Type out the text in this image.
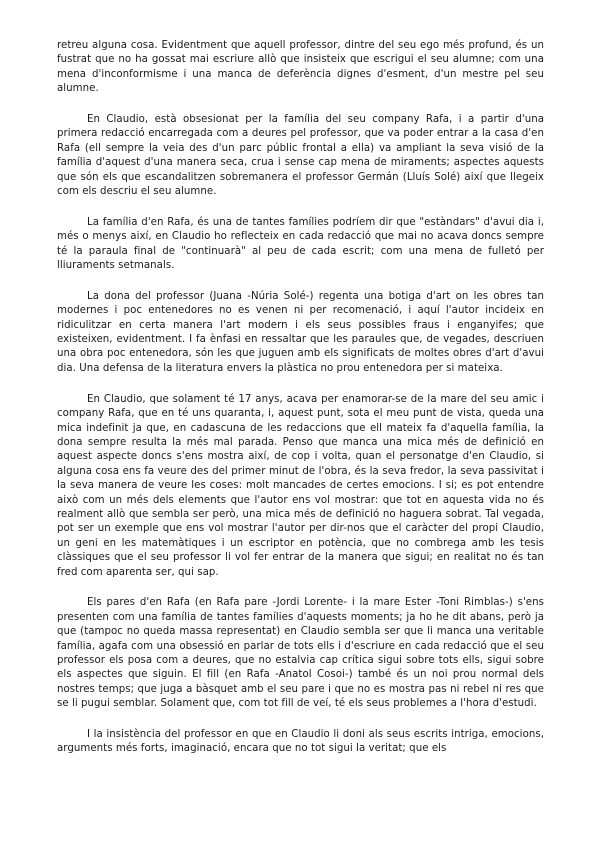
retreu alguna cosa. Evidentment que aquell professor, dintre del seu ego més profund, és un fustrat que no ha gossat mai escriure allò que insisteix que escrigui el seu alumne; com una mena d'inconformisme i una manca de deferència dignes d'esment, d'un mestre pel seu alumne.

En Claudio, està obsesionat per la família del seu company Rafa, i a partir d'una primera redacció encarregada com a deures pel professor, que va poder entrar a la casa d'en Rafa (ell sempre la veia des d'un parc públic frontal a ella) va ampliant la seva visió de la família d'aquest d'una manera seca, crua i sense cap mena de miraments; aspectes aquests que són els que escandalitzen sobremanera el professor Germán (Lluís Solé) així que llegeix com els descriu el seu alumne.

La família d'en Rafa, és una de tantes famílies podríem dir que "estàndars" d'avui dia i, més o menys així, en Claudio ho reflecteix en cada redacció que mai no acava doncs sempre té la paraula final de "continuarà" al peu de cada escrit; com una mena de fulletó per lliuraments setmanals.

La dona del professor (Juana -Núria Solé-) regenta una botiga d'art on les obres tan modernes i poc entenedores no es venen ni per recomenació, i aquí l'autor incideix en ridiculitzar en certa manera l'art modern i els seus possibles fraus i enganyifes; que existeixen, evidentment. I fa ènfasi en ressaltar que les paraules que, de vegades, descriuen una obra poc entenedora, són les que juguen amb els significats de moltes obres d'art d'avui dia. Una defensa de la literatura envers la plàstica no prou entenedora per si mateixa.

En Claudio, que solament té 17 anys, acava per enamorar-se de la mare del seu amic i company Rafa, que en té uns quaranta, i, aquest punt, sota el meu punt de vista, queda una mica indefinit ja que, en cadascuna de les redaccions que ell mateix fa d'aquella família, la dona sempre resulta la més mal parada. Penso que manca una mica més de definició en aquest aspecte doncs s'ens mostra així, de cop i volta, quan el personatge d'en Claudio, si alguna cosa ens fa veure des del primer minut de l'obra, és la seva fredor, la seva passivitat i la seva manera de veure les coses: molt mancades de certes emocions. I si; es pot entendre això com un més dels elements que l'autor ens vol mostrar: que tot en aquesta vida no és realment allò que sembla ser però, una mica més de definició no haguera sobrat. Tal vegada, pot ser un exemple que ens vol mostrar l'autor per dir-nos que el caràcter del propi Claudio, un geni en les matemàtiques i un escriptor en potència, que no combrega amb les tesis clàssiques que el seu professor li vol fer entrar de la manera que sigui; en realitat no és tan fred com aparenta ser, qui sap.

Els pares d'en Rafa (en Rafa pare -Jordi Lorente- i la mare Ester -Toni Rimblas-) s'ens presenten com una família de tantes famílies d'aquests moments; ja ho he dit abans, però ja que (tampoc no queda massa representat) en Claudio sembla ser que li manca una veritable família, agafa com una obsessió en parlar de tots ells i d'escriure en cada redacció que el seu professor els posa com a deures, que no estalvia cap crítica sigui sobre tots ells, sigui sobre els aspectes que siguin. El fill (en Rafa -Anatol Cosoi-) també és un noi prou normal dels nostres temps; que juga a bàsquet amb el seu pare i que no es mostra pas ni rebel ni res que se li pugui semblar. Solament que, com tot fill de veí, té els seus problemes a l'hora d'estudi.

I la insistència del professor en que en Claudio li doni als seus escrits intriga, emocions, arguments més forts, imaginació, encara que no tot sigui la veritat; que els
